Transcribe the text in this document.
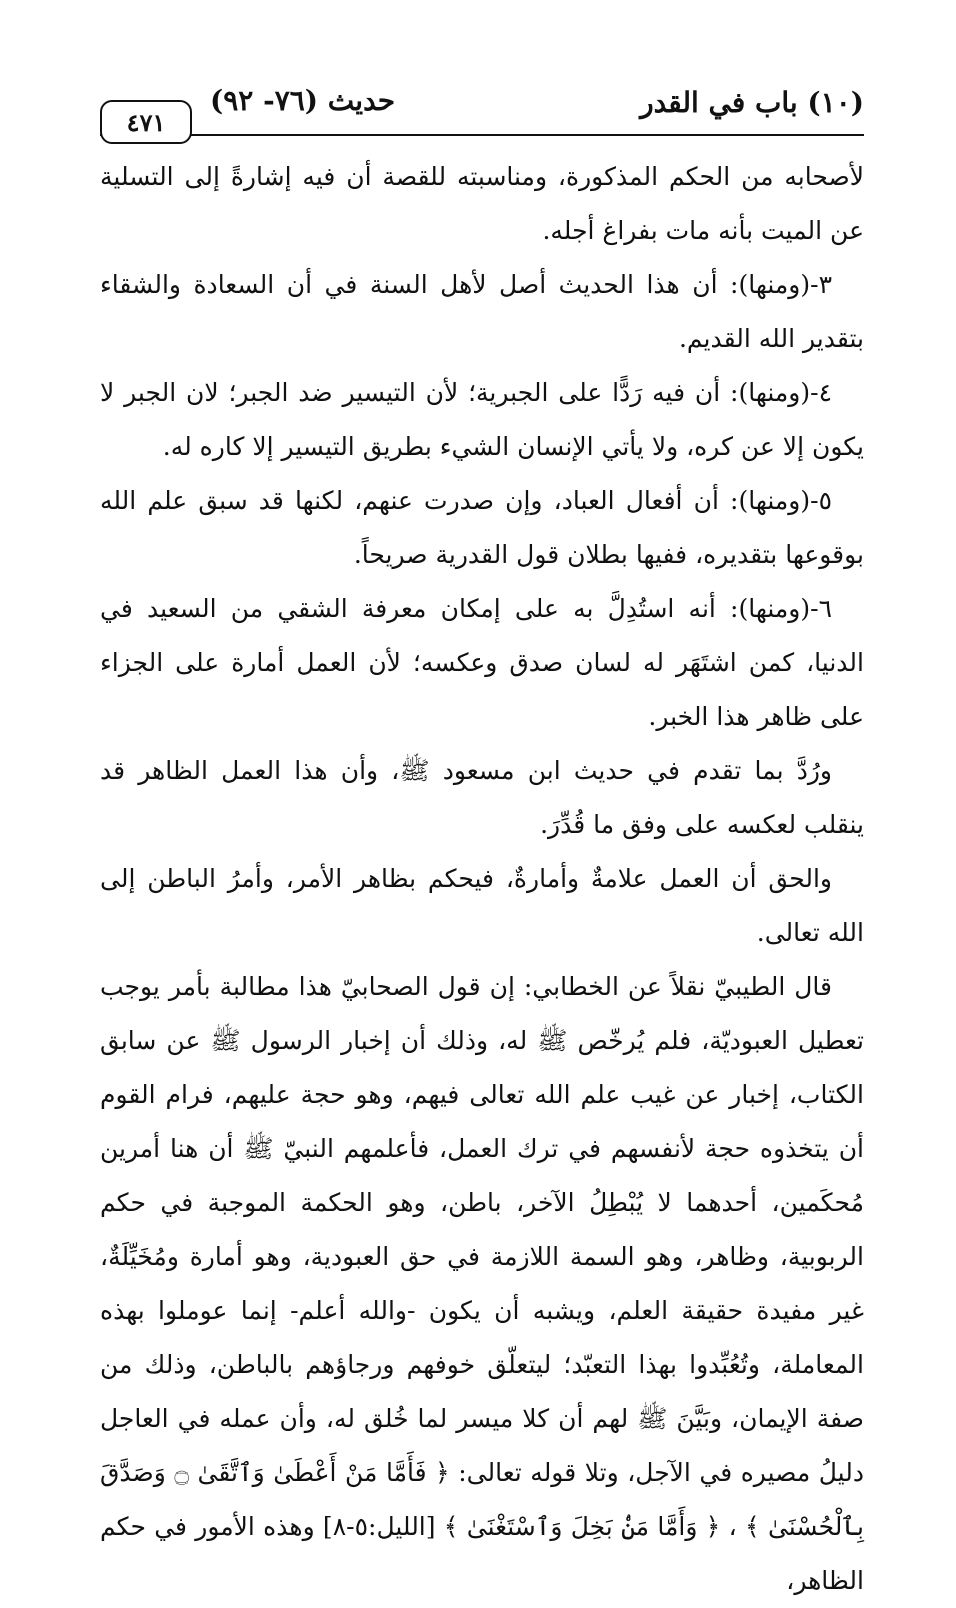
(١٠) باب في القدر
حديث (٧٦- ٩٢)
٤٧١

لأصحابه من الحكم المذكورة، ومناسبته للقصة أن فيه إشارةً إلى التسلية عن الميت بأنه مات بفراغ أجله.

٣-(ومنها): أن هذا الحديث أصل لأهل السنة في أن السعادة والشقاء بتقدير الله القديم.

٤-(ومنها): أن فيه رَدًّا على الجبرية؛ لأن التيسير ضد الجبر؛ لان الجبر لا يكون إلا عن كره، ولا يأتي الإنسان الشيء بطريق التيسير إلا كاره له.

٥-(ومنها): أن أفعال العباد، وإن صدرت عنهم، لكنها قد سبق علم الله بوقوعها بتقديره، ففيها بطلان قول القدرية صريحاً.

٦-(ومنها): أنه استُدِلَّ به على إمكان معرفة الشقي من السعيد في الدنيا، كمن اشتَهَر له لسان صدق وعكسه؛ لأن العمل أمارة على الجزاء على ظاهر هذا الخبر.

ورُدَّ بما تقدم في حديث ابن مسعود ﷺ، وأن هذا العمل الظاهر قد ينقلب لعكسه على وفق ما قُدِّرَ.

والحق أن العمل علامةٌ وأمارةٌ، فيحكم بظاهر الأمر، وأمرُ الباطن إلى الله تعالى.

قال الطيبيّ نقلاً عن الخطابي: إن قول الصحابيّ هذا مطالبة بأمر يوجب تعطيل العبوديّة، فلم يُرخّص ﷺ له، وذلك أن إخبار الرسول ﷺ عن سابق الكتاب، إخبار عن غيب علم الله تعالى فيهم، وهو حجة عليهم، فرام القوم أن يتخذوه حجة لأنفسهم في ترك العمل، فأعلمهم النبيّ ﷺ أن هنا أمرين مُحكَمين، أحدهما لا يُبْطِلُ الآخر، باطن، وهو الحكمة الموجبة في حكم الربوبية، وظاهر، وهو السمة اللازمة في حق العبودية، وهو أمارة ومُخَيِّلَةٌ، غير مفيدة حقيقة العلم، ويشبه أن يكون -والله أعلم- إنما عوملوا بهذه المعاملة، وتُعُبِّدوا بهذا التعبّد؛ ليتعلّق خوفهم ورجاؤهم بالباطن، وذلك من صفة الإيمان، وبَيَّنَ ﷺ لهم أن كلا ميسر لما خُلق له، وأن عمله في العاجل دليلُ مصيره في الآجل، وتلا قوله تعالى: ﴿ فَأَمَّا مَنْ أَعْطَىٰ وَٱتَّقَىٰ ۝ وَصَدَّقَ بِٱلْحُسْنَىٰ ﴾ ، ﴿ وَأَمَّا مَنْۢ بَخِلَ وَٱسْتَغْنَىٰ ﴾ [الليل:٥-٨] وهذه الأمور في حكم الظاهر،
